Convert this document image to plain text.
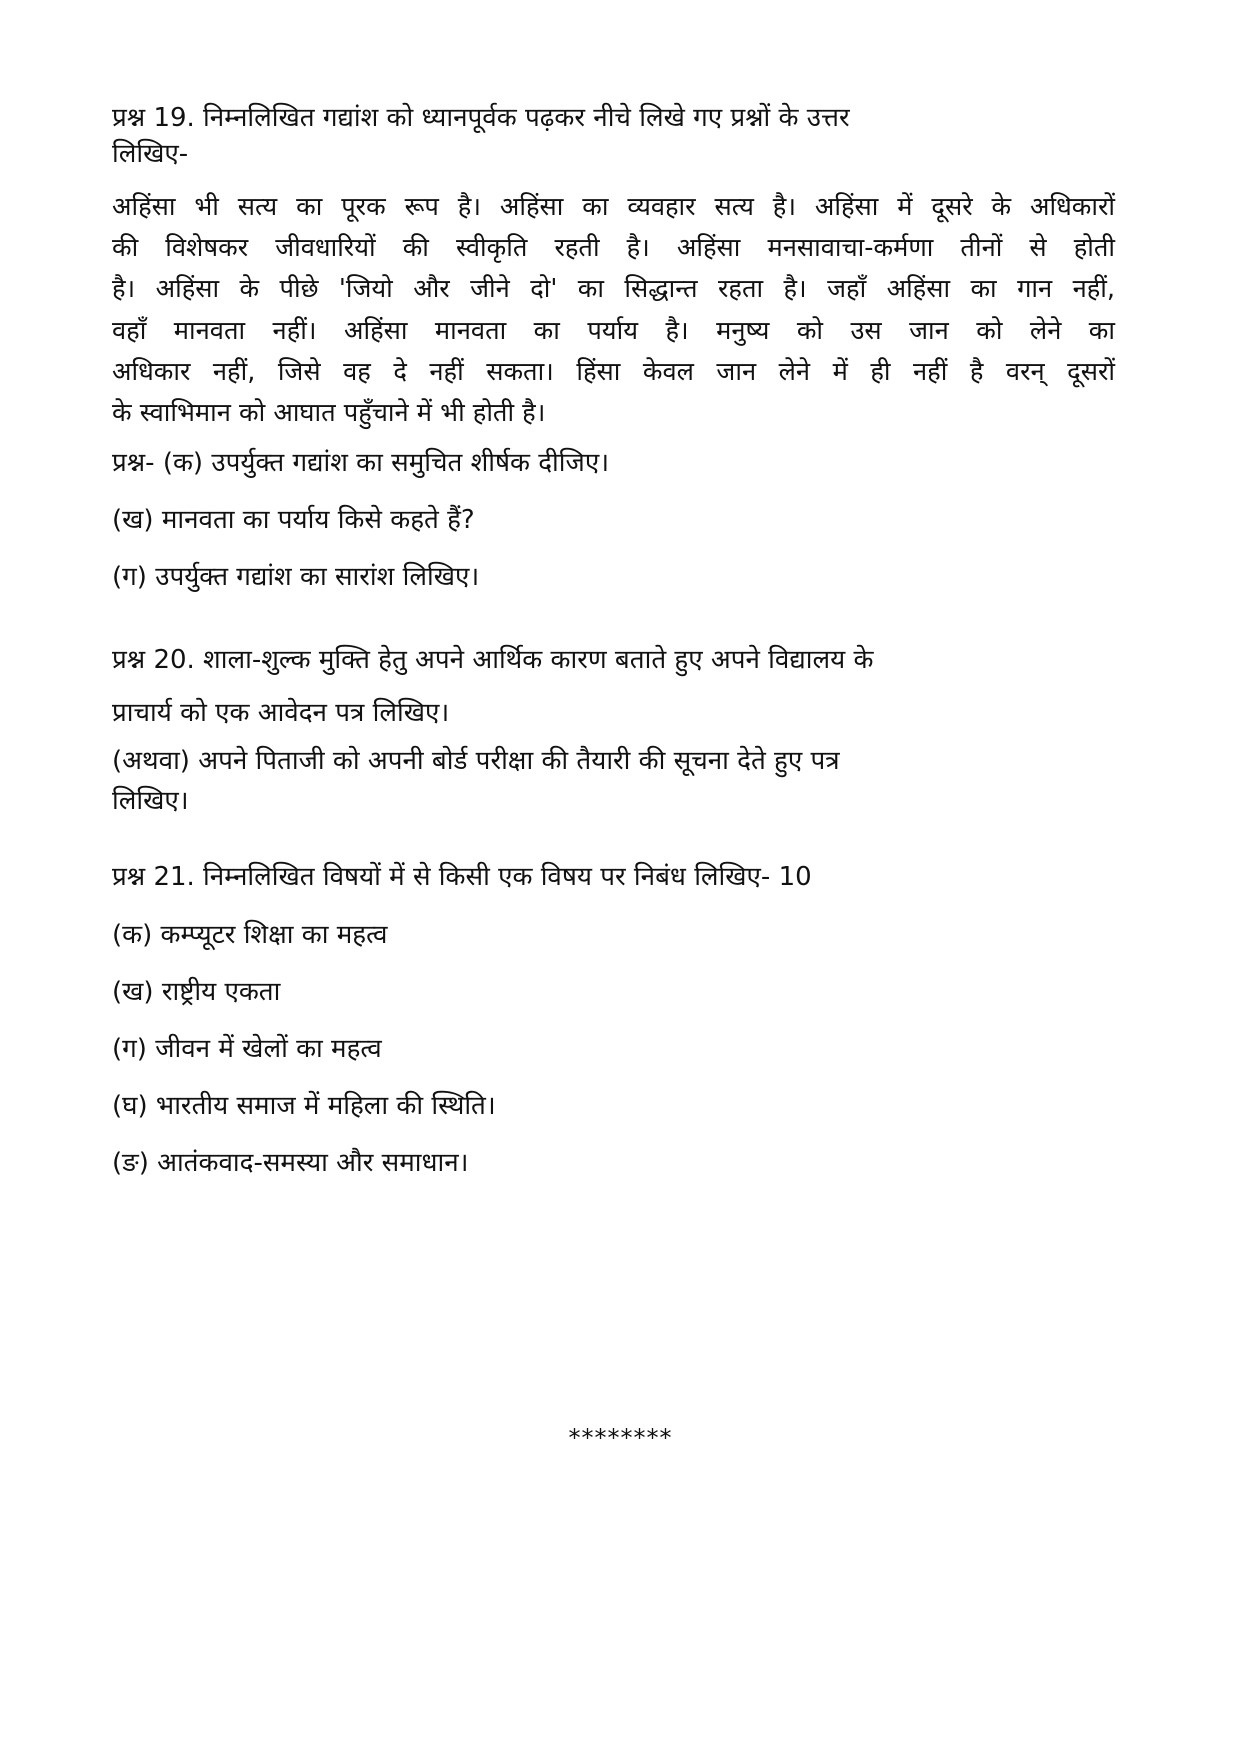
प्रश्न 19. निम्नलिखित गद्यांश को ध्यानपूर्वक पढ़कर नीचे लिखे गए प्रश्नों के उत्तर

लिखिए-

अहिंसा भी सत्य का पूरक रूप है। अहिंसा का व्यवहार सत्य है। अहिंसा में दूसरे के अधिकारों

की विशेषकर जीवधारियों की स्वीकृति रहती है। अहिंसा मनसावाचा-कर्मणा तीनों से होती

है। अहिंसा के पीछे 'जियो और जीने दो' का सिद्धान्त रहता है। जहाँ अहिंसा का गान नहीं,

वहाँ मानवता नहीं। अहिंसा मानवता का पर्याय है। मनुष्य को उस जान को लेने का

अधिकार नहीं, जिसे वह दे नहीं सकता। हिंसा केवल जान लेने में ही नहीं है वरन् दूसरों

के स्वाभिमान को आघात पहुँचाने में भी होती है।

प्रश्न- (क) उपर्युक्त गद्यांश का समुचित शीर्षक दीजिए।

(ख) मानवता का पर्याय किसे कहते हैं?

(ग) उपर्युक्त गद्यांश का सारांश लिखिए।

प्रश्न 20. शाला-शुल्क मुक्ति हेतु अपने आर्थिक कारण बताते हुए अपने विद्यालय के

प्राचार्य को एक आवेदन पत्र लिखिए।

(अथवा) अपने पिताजी को अपनी बोर्ड परीक्षा की तैयारी की सूचना देते हुए पत्र

लिखिए।

प्रश्न 21. निम्नलिखित विषयों में से किसी एक विषय पर निबंध लिखिए- 10

(क) कम्प्यूटर शिक्षा का महत्व

(ख) राष्ट्रीय एकता

(ग) जीवन में खेलों का महत्व

(घ) भारतीय समाज में महिला की स्थिति।

(ङ) आतंकवाद-समस्या और समाधान।

********
